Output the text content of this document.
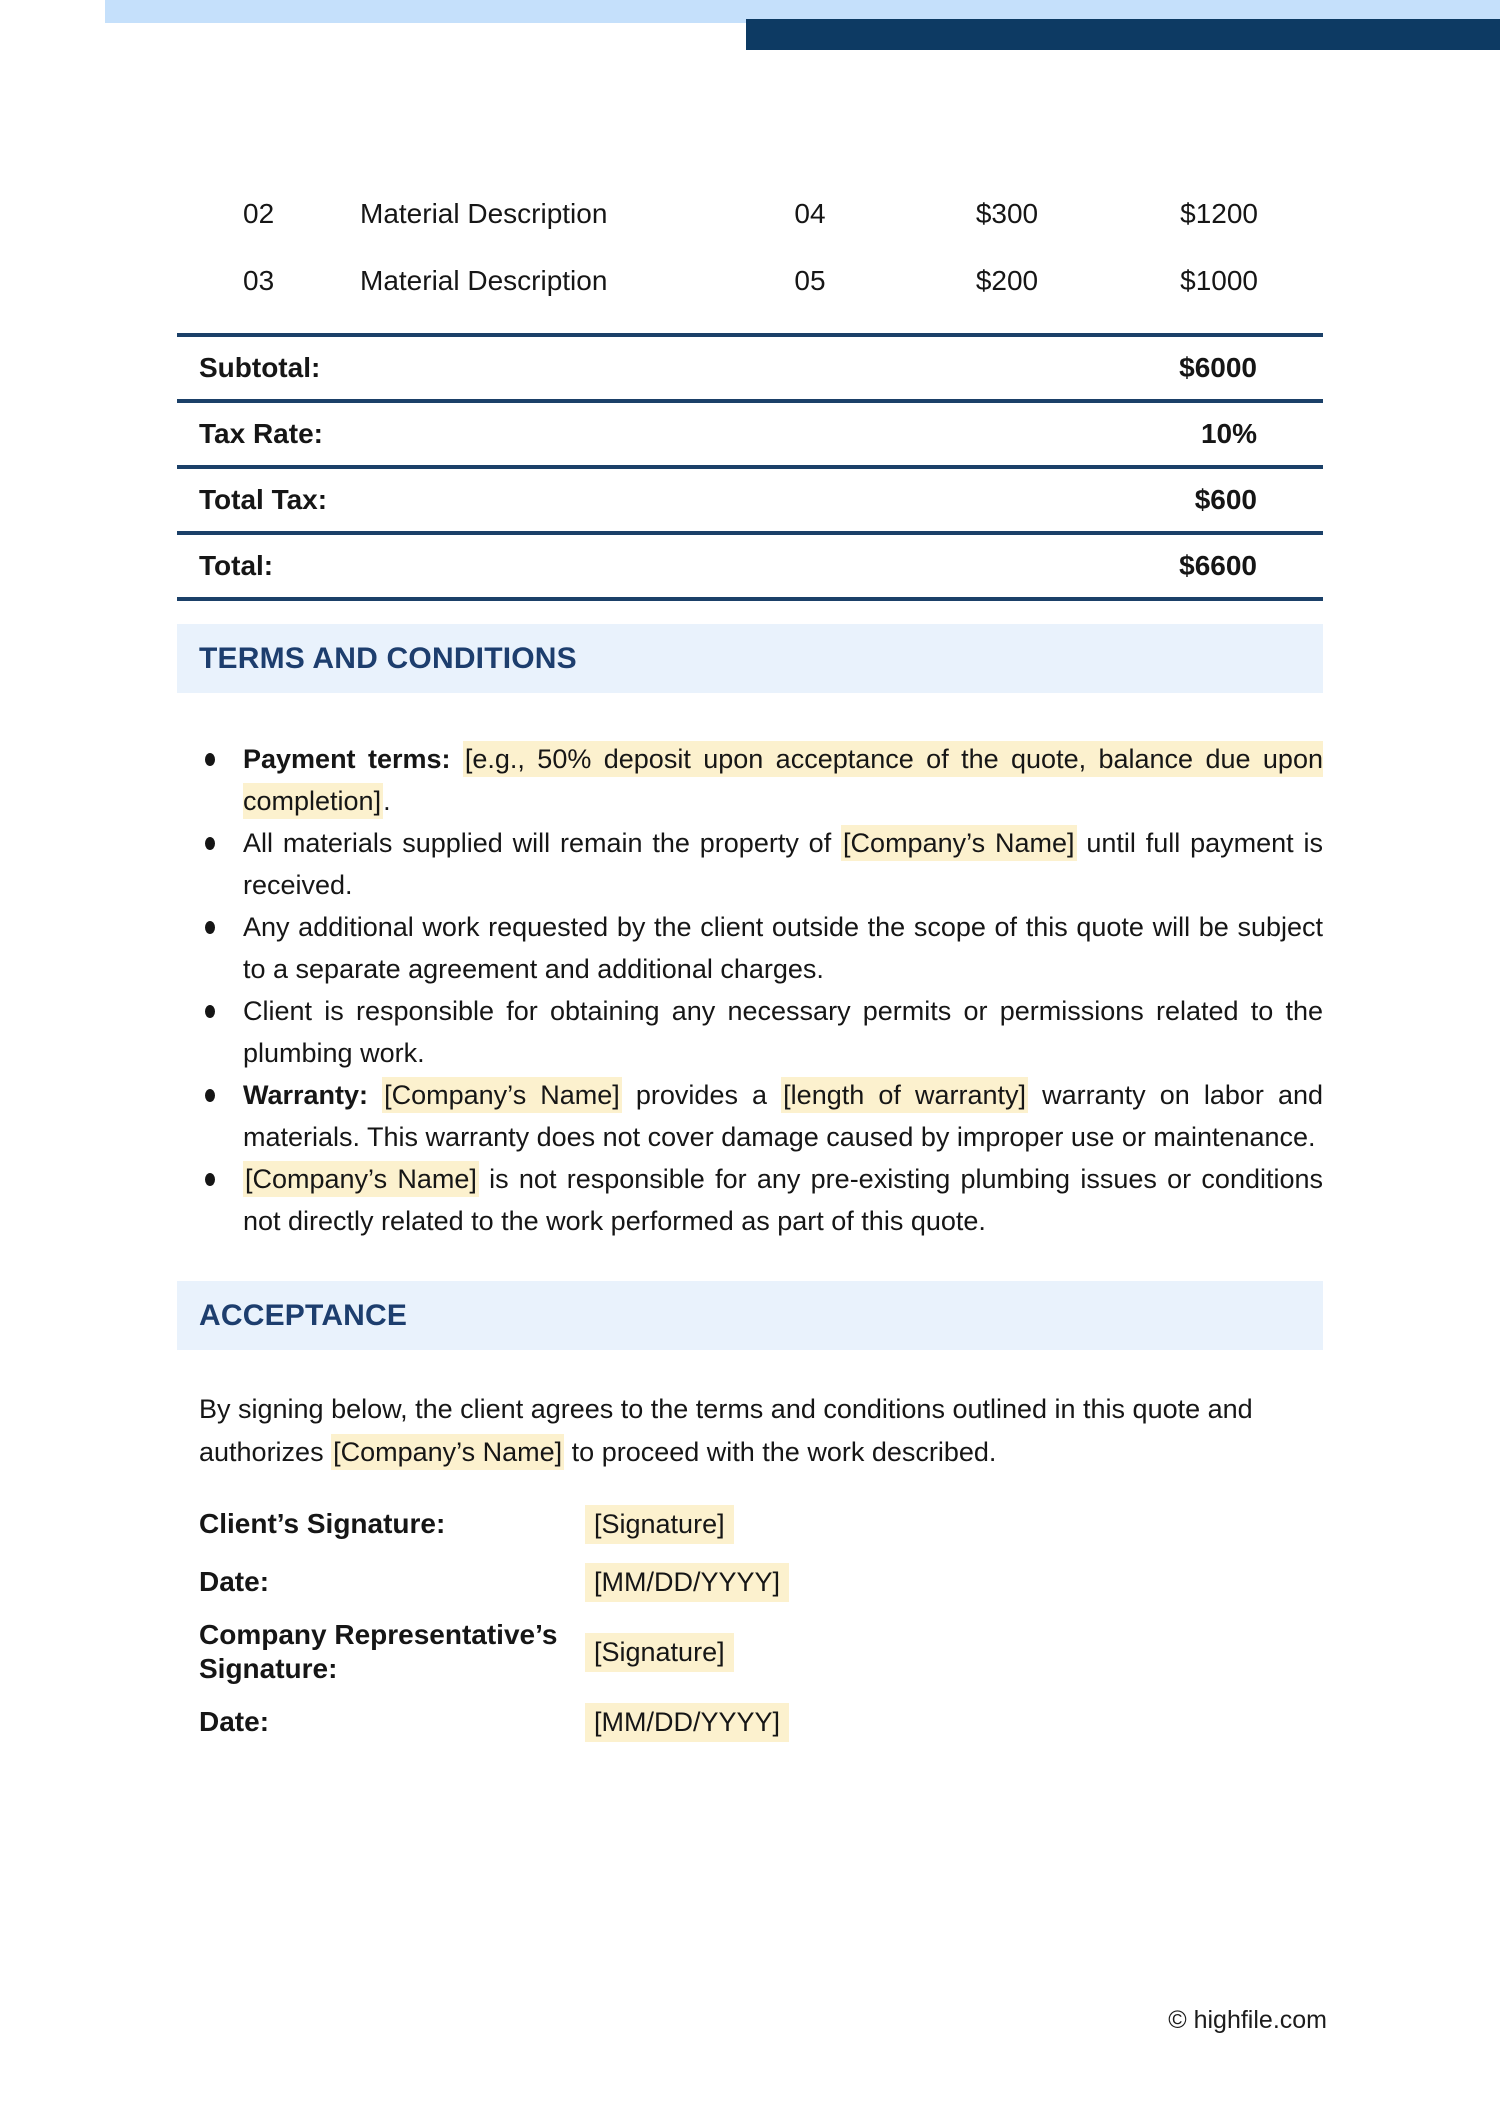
02	Material Description	04	$300	$1200
03	Material Description	05	$200	$1000
Subtotal:	$6000
Tax Rate:	10%
Total Tax:	$600
Total:	$6600
TERMS AND CONDITIONS
Payment terms: [e.g., 50% deposit upon acceptance of the quote, balance due upon completion].
All materials supplied will remain the property of [Company’s Name] until full payment is received.
Any additional work requested by the client outside the scope of this quote will be subject to a separate agreement and additional charges.
Client is responsible for obtaining any necessary permits or permissions related to the plumbing work.
Warranty: [Company’s Name] provides a [length of warranty] warranty on labor and materials. This warranty does not cover damage caused by improper use or maintenance.
[Company’s Name] is not responsible for any pre-existing plumbing issues or conditions not directly related to the work performed as part of this quote.
ACCEPTANCE

By signing below, the client agrees to the terms and conditions outlined in this quote and authorizes [Company’s Name] to proceed with the work described.

Client’s Signature:	[Signature]
Date:	[MM/DD/YYYY]
Company Representative’s Signature:
[Signature]
Date:	[MM/DD/YYYY]
© highfile.com
